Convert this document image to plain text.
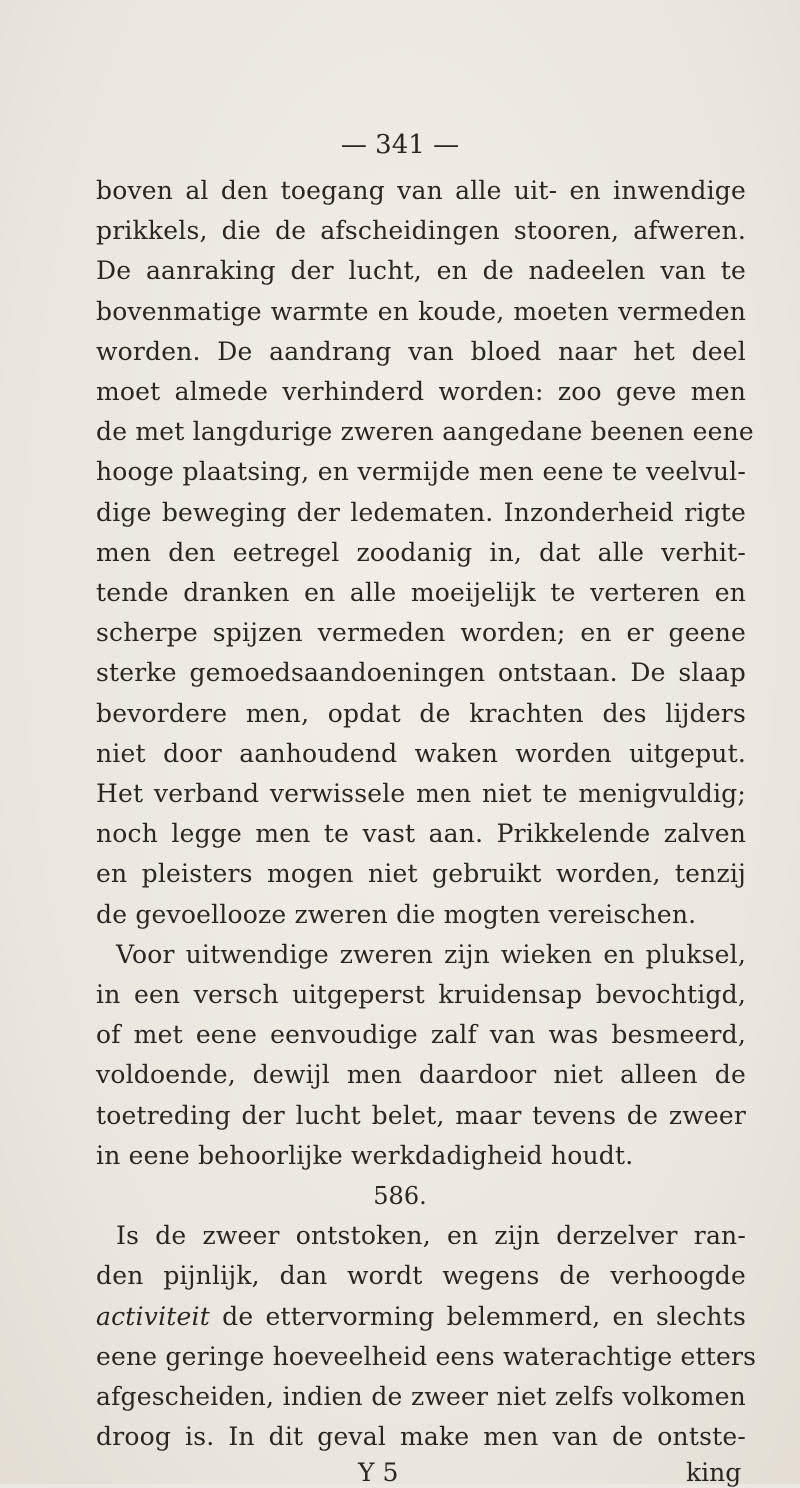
— 341 —
boven al den toegang van alle uit- en inwendige
prikkels, die de afscheidingen stooren, afweren.
De aanraking der lucht, en de nadeelen van te
bovenmatige warmte en koude, moeten vermeden
worden. De aandrang van bloed naar het deel
moet almede verhinderd worden: zoo geve men
de met langdurige zweren aangedane beenen eene
hooge plaatsing, en vermijde men eene te veelvul-
dige beweging der ledematen. Inzonderheid rigte
men den eetregel zoodanig in, dat alle verhit-
tende dranken en alle moeijelijk te verteren en
scherpe spijzen vermeden worden; en er geene
sterke gemoedsaandoeningen ontstaan. De slaap
bevordere men, opdat de krachten des lijders
niet door aanhoudend waken worden uitgeput.
Het verband verwissele men niet te menigvuldig;
noch legge men te vast aan. Prikkelende zalven
en pleisters mogen niet gebruikt worden, tenzij
de gevoellooze zweren die mogten vereischen.
Voor uitwendige zweren zijn wieken en pluksel,
in een versch uitgeperst kruidensap bevochtigd,
of met eene eenvoudige zalf van was besmeerd,
voldoende, dewijl men daardoor niet alleen de
toetreding der lucht belet, maar tevens de zweer
in eene behoorlijke werkdadigheid houdt.
586.
Is de zweer ontstoken, en zijn derzelver ran-
den pijnlijk, dan wordt wegens de verhoogde
activiteit de ettervorming belemmerd, en slechts
eene geringe hoeveelheid eens waterachtige etters
afgescheiden, indien de zweer niet zelfs volkomen
droog is. In dit geval make men van de ontste-
Y 5	king
